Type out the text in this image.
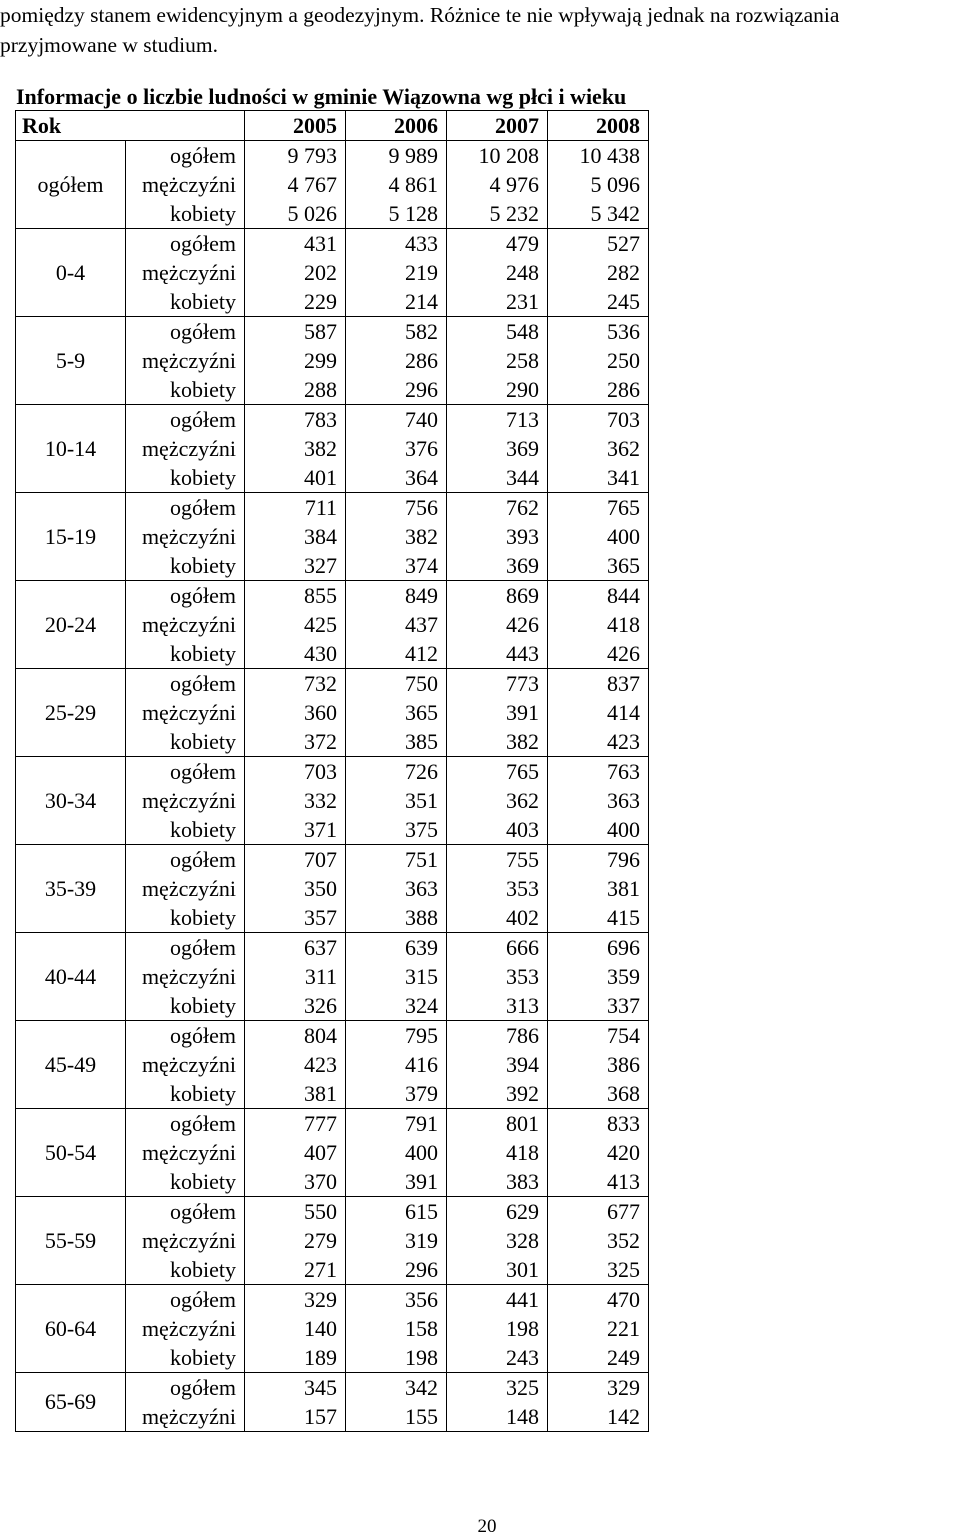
pomiędzy stanem ewidencyjnym a geodezyjnym. Różnice te nie wpływają jednak na rozwiązania

przyjmowane w studium.

Informacje o liczbie ludności w gminie Wiązowna wg płci i wieku
Rok		2005	2006	2007	2008
ogółem	ogółem	9 793	9 989	10 208	10 438
	mężczyźni	4 767	4 861	4 976	5 096
	kobiety	5 026	5 128	5 232	5 342
0-4	ogółem	431	433	479	527
	mężczyźni	202	219	248	282
	kobiety	229	214	231	245
5-9	ogółem	587	582	548	536
	mężczyźni	299	286	258	250
	kobiety	288	296	290	286
10-14	ogółem	783	740	713	703
	mężczyźni	382	376	369	362
	kobiety	401	364	344	341
15-19	ogółem	711	756	762	765
	mężczyźni	384	382	393	400
	kobiety	327	374	369	365
20-24	ogółem	855	849	869	844
	mężczyźni	425	437	426	418
	kobiety	430	412	443	426
25-29	ogółem	732	750	773	837
	mężczyźni	360	365	391	414
	kobiety	372	385	382	423
30-34	ogółem	703	726	765	763
	mężczyźni	332	351	362	363
	kobiety	371	375	403	400
35-39	ogółem	707	751	755	796
	mężczyźni	350	363	353	381
	kobiety	357	388	402	415
40-44	ogółem	637	639	666	696
	mężczyźni	311	315	353	359
	kobiety	326	324	313	337
45-49	ogółem	804	795	786	754
	mężczyźni	423	416	394	386
	kobiety	381	379	392	368
50-54	ogółem	777	791	801	833
	mężczyźni	407	400	418	420
	kobiety	370	391	383	413
55-59	ogółem	550	615	629	677
	mężczyźni	279	319	328	352
	kobiety	271	296	301	325
60-64	ogółem	329	356	441	470
	mężczyźni	140	158	198	221
	kobiety	189	198	243	249
65-69	ogółem	345	342	325	329
	mężczyźni	157	155	148	142
20
